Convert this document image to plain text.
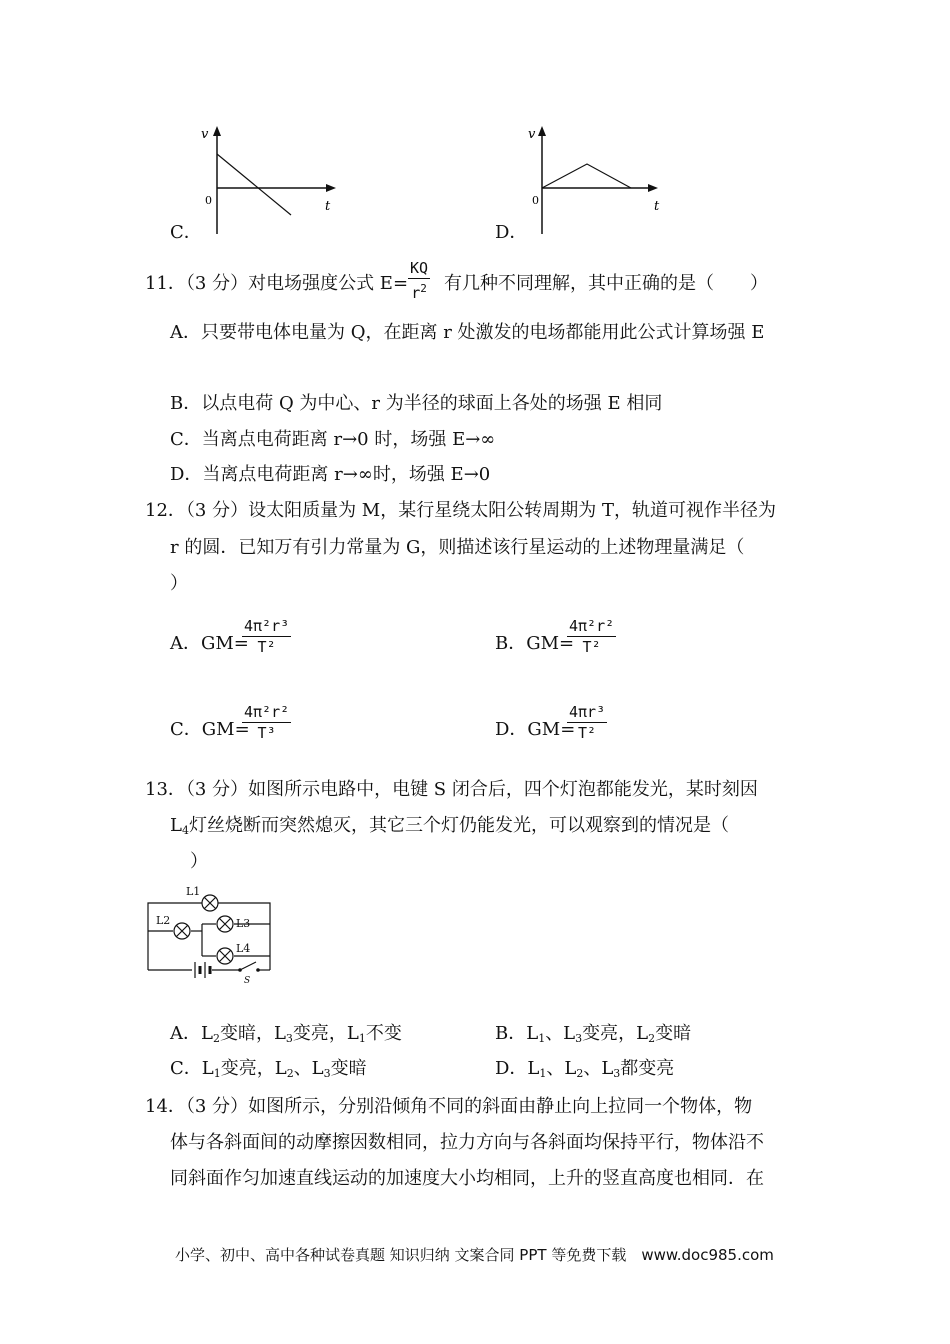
v
0	t
C．
v
0	t
D．
11．（3 分）对电场强度公式 E=
KQ
$r^2$ 有几种不同理解，其中正确的是（　　）
A．只要带电体电量为 Q，在距离 r 处激发的电场都能用此公式计算场强 E
B．以点电荷 Q 为中心、r 为半径的球面上各处的场强 E 相同
C．当离点电荷距离 r→0 时，场强 E→∞
D．当离点电荷距离 r→∞时，场强 E→0
12．（3 分）设太阳质量为 M，某行星绕太阳公转周期为 T，轨道可视作半径为
r 的圆．已知万有引力常量为 G，则描述该行星运动的上述物理量满足（
）
A．GM=
4π²r³
T²	B．GM=
4π²r²
T²
C．GM=
4π²r²
T³	D．GM=
4πr³
T²
13．（3 分）如图所示电路中，电键 S 闭合后，四个灯泡都能发光，某时刻因
$L_4$灯丝烧断而突然熄灭，其它三个灯仍能发光，可以观察到的情况是（
）
L1
L2	L3
L4
S
A．$L_2$变暗，$L_3$变亮，$L_1$不变	B．$L_1$、$L_3$变亮，$L_2$变暗
C．$L_1$变亮，$L_2$、$L_3$变暗	D．$L_1$、$L_2$、$L_3$都变亮
14．（3 分）如图所示，分别沿倾角不同的斜面由静止向上拉同一个物体，物
体与各斜面间的动摩擦因数相同，拉力方向与各斜面均保持平行，物体沿不
同斜面作匀加速直线运动的加速度大小均相同，上升的竖直高度也相同．在
小学、初中、高中各种试卷真题 知识归纳 文案合同 PPT 等免费下载　www.doc985.com
